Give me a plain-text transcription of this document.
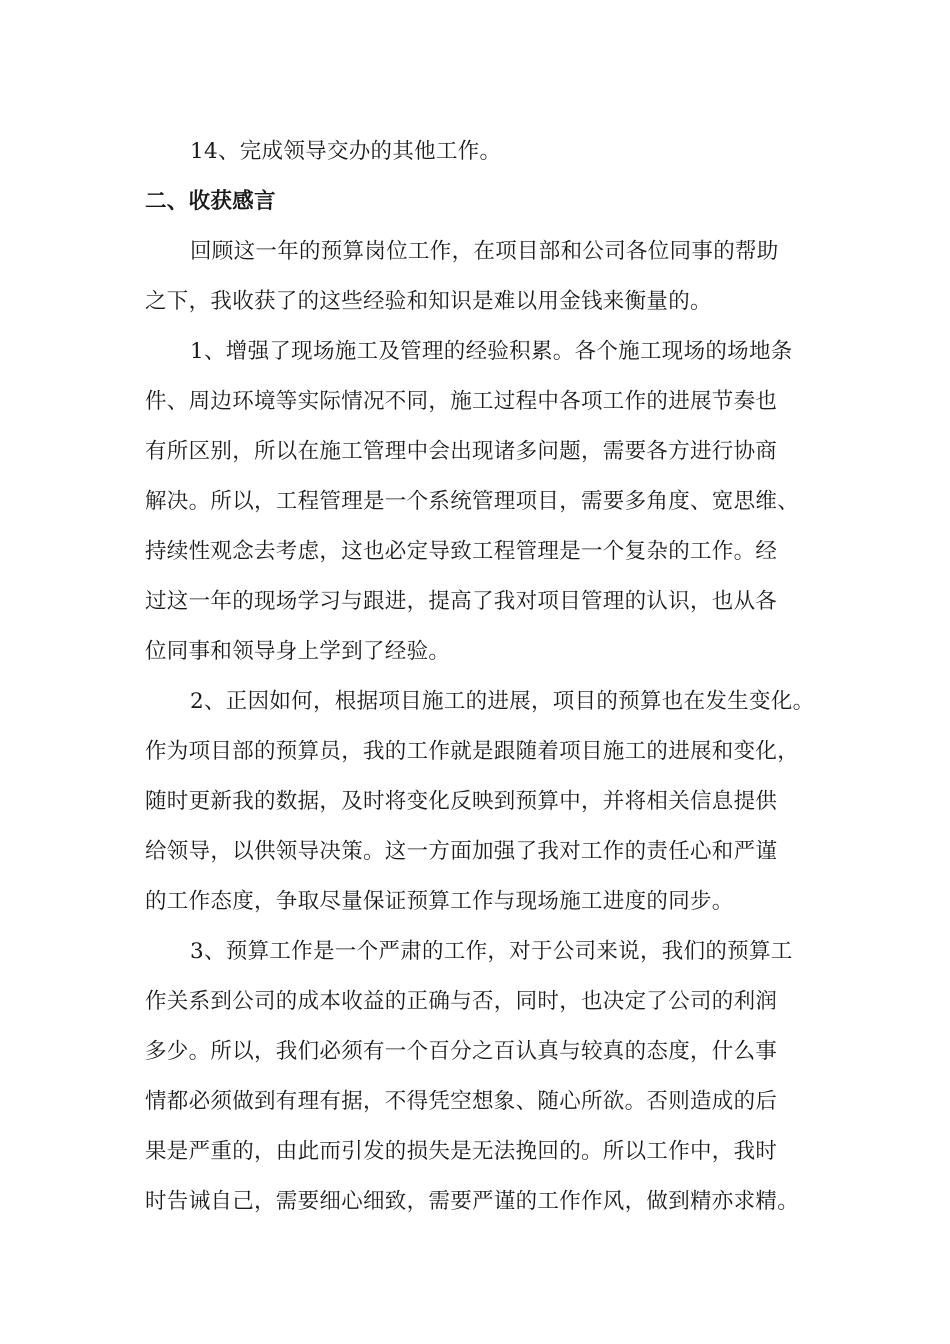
14、完成领导交办的其他工作。
二、收获感言
回顾这一年的预算岗位工作，在项目部和公司各位同事的帮助
之下，我收获了的这些经验和知识是难以用金钱来衡量的。
1、增强了现场施工及管理的经验积累。各个施工现场的场地条
件、周边环境等实际情况不同，施工过程中各项工作的进展节奏也
有所区别，所以在施工管理中会出现诸多问题，需要各方进行协商
解决。所以，工程管理是一个系统管理项目，需要多角度、宽思维、
持续性观念去考虑，这也必定导致工程管理是一个复杂的工作。经
过这一年的现场学习与跟进，提高了我对项目管理的认识，也从各
位同事和领导身上学到了经验。
2、正因如何，根据项目施工的进展，项目的预算也在发生变化。
作为项目部的预算员，我的工作就是跟随着项目施工的进展和变化，
随时更新我的数据，及时将变化反映到预算中，并将相关信息提供
给领导，以供领导决策。这一方面加强了我对工作的责任心和严谨
的工作态度，争取尽量保证预算工作与现场施工进度的同步。
3、预算工作是一个严肃的工作，对于公司来说，我们的预算工
作关系到公司的成本收益的正确与否，同时，也决定了公司的利润
多少。所以，我们必须有一个百分之百认真与较真的态度，什么事
情都必须做到有理有据，不得凭空想象、随心所欲。否则造成的后
果是严重的，由此而引发的损失是无法挽回的。所以工作中，我时
时告诫自己，需要细心细致，需要严谨的工作作风，做到精亦求精。
